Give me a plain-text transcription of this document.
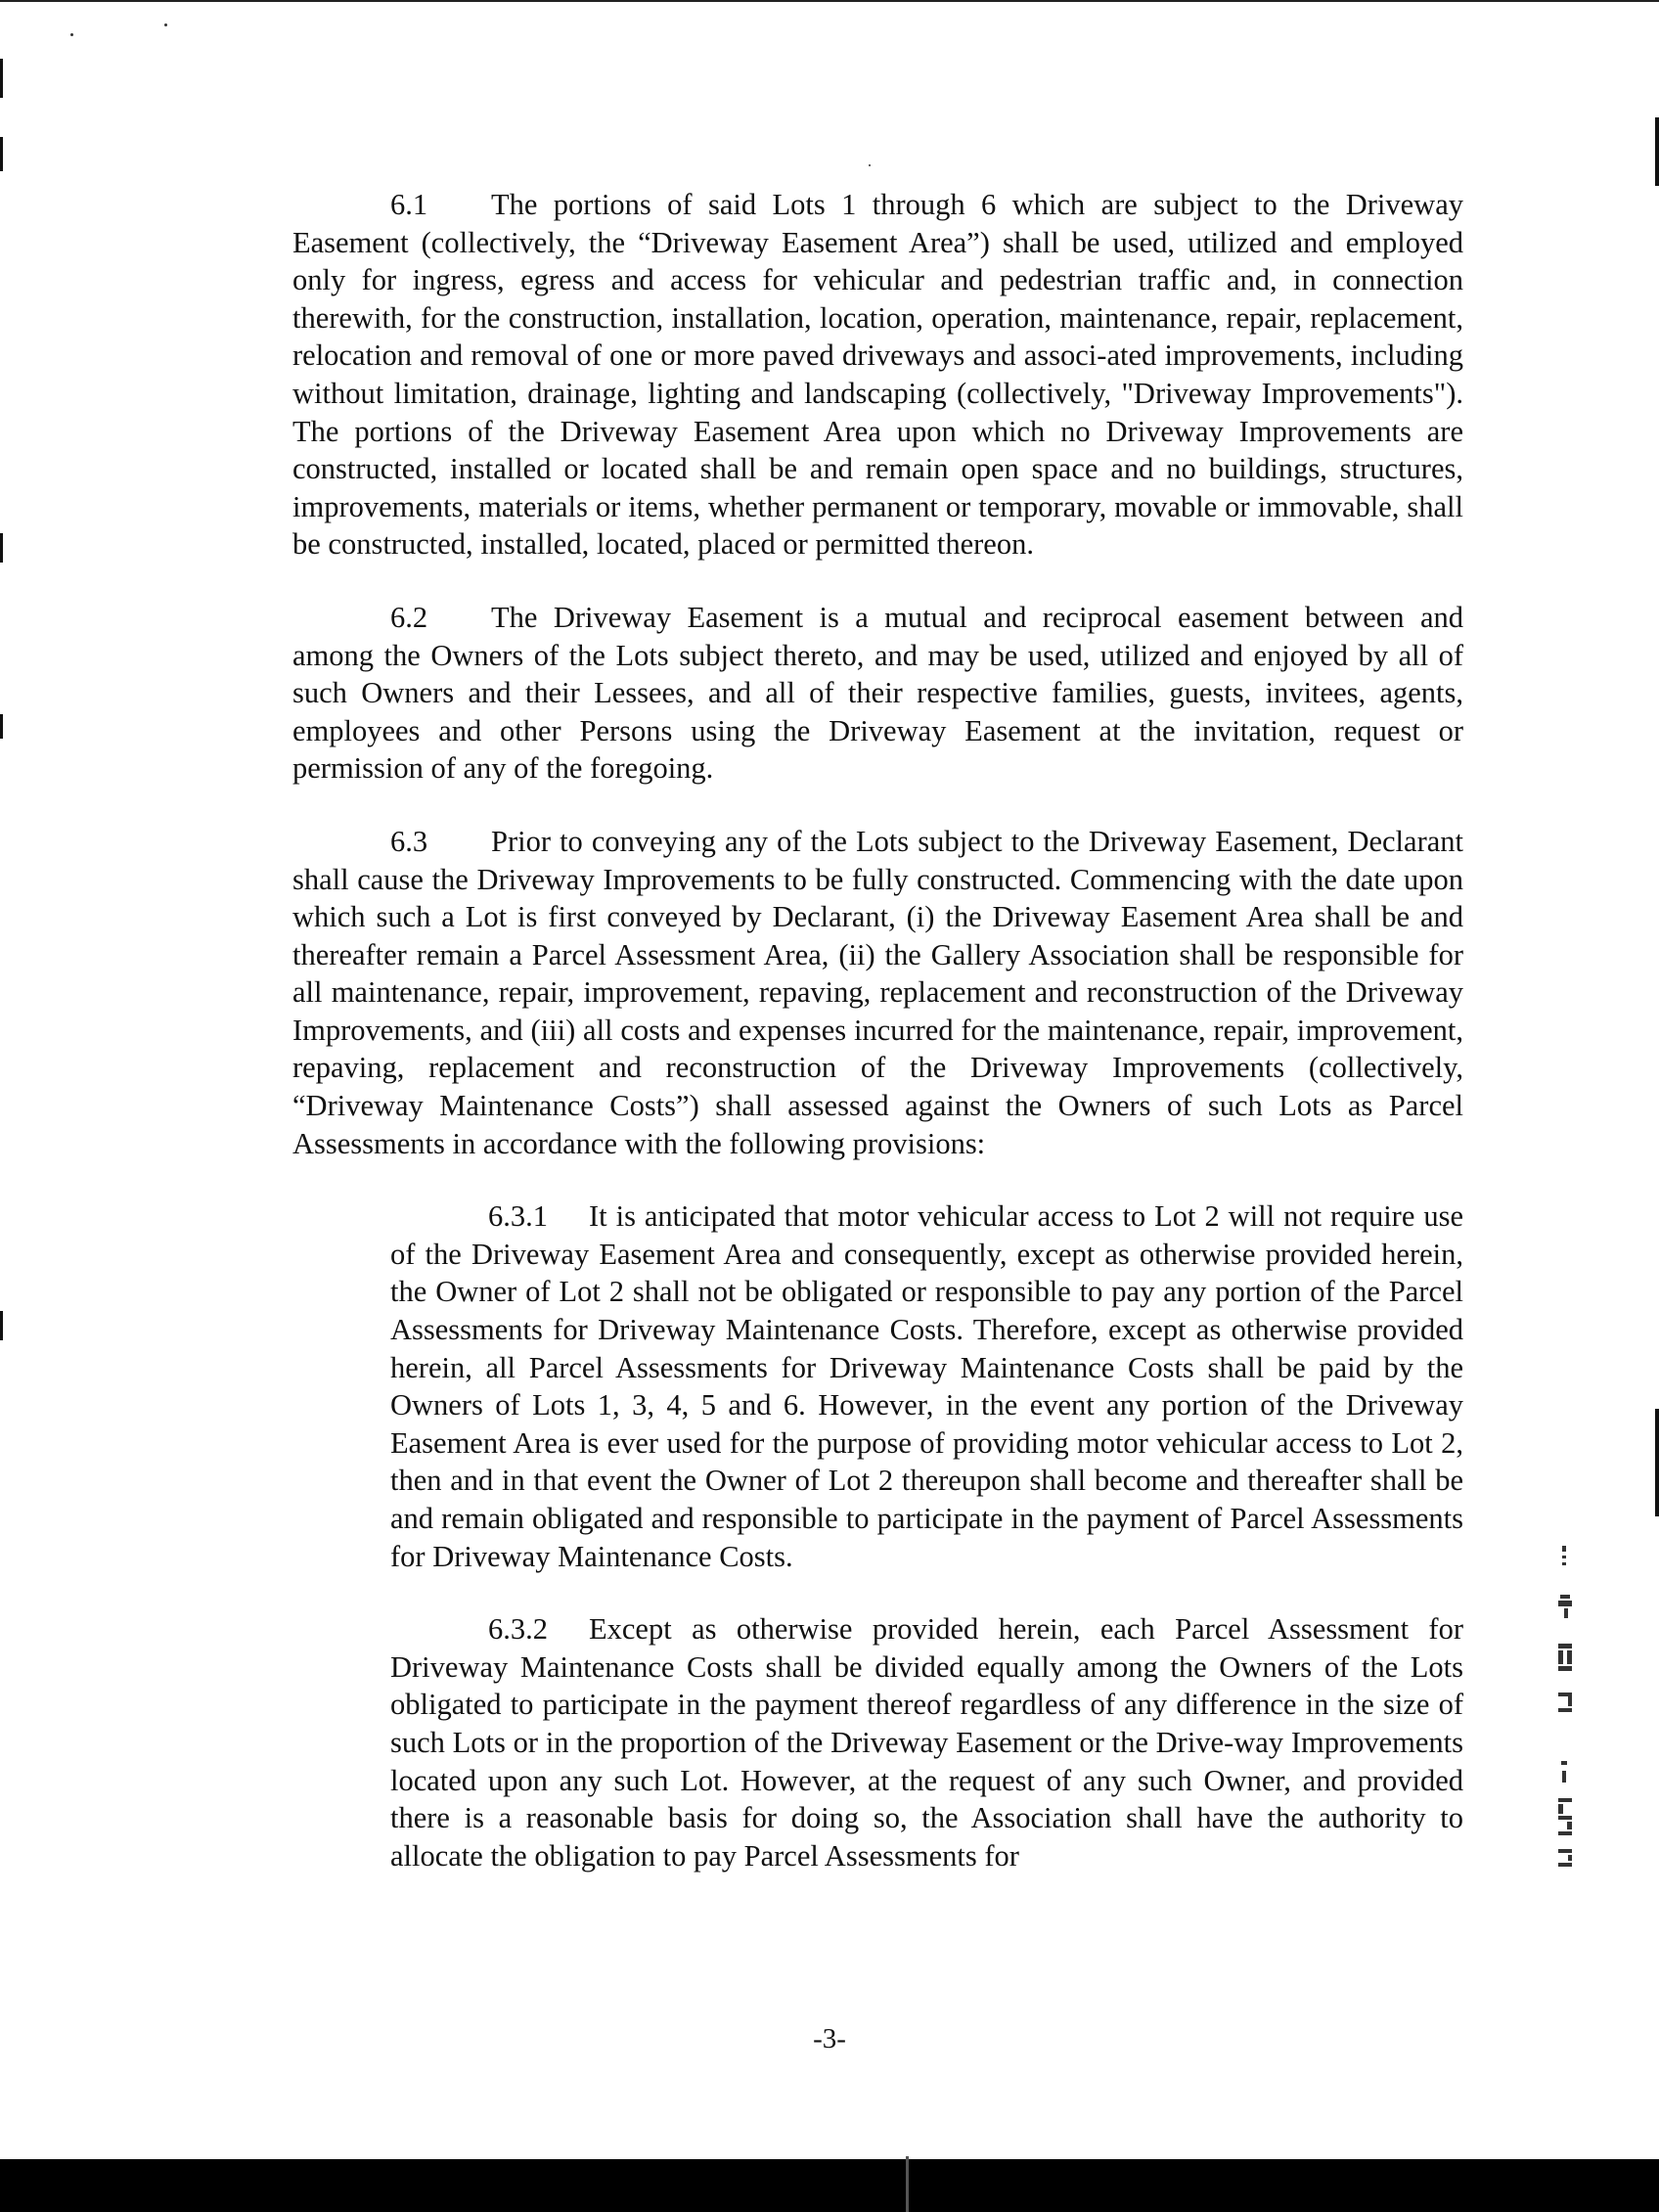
6.1 The portions of said Lots 1 through 6 which are subject to the Driveway Easement (collectively, the “Driveway Easement Area”) shall be used, utilized and employed only for ingress, egress and access for vehicular and pedestrian traffic and, in connection therewith, for the construction, installation, location, operation, maintenance, repair, replacement, relocation and removal of one or more paved driveways and associ-ated improvements, including without limitation, drainage, lighting and landscaping (collectively, "Driveway Improvements"). The portions of the Driveway Easement Area upon which no Driveway Improvements are constructed, installed or located shall be and remain open space and no buildings, structures, improvements, materials or items, whether permanent or temporary, movable or immovable, shall be constructed, installed, located, placed or permitted thereon.

6.2 The Driveway Easement is a mutual and reciprocal easement between and among the Owners of the Lots subject thereto, and may be used, utilized and enjoyed by all of such Owners and their Lessees, and all of their respective families, guests, invitees, agents, employees and other Persons using the Driveway Easement at the invitation, request or permission of any of the foregoing.

6.3 Prior to conveying any of the Lots subject to the Driveway Easement, Declarant shall cause the Driveway Improvements to be fully constructed. Commencing with the date upon which such a Lot is first conveyed by Declarant, (i) the Driveway Easement Area shall be and thereafter remain a Parcel Assessment Area, (ii) the Gallery Association shall be responsible for all maintenance, repair, improvement, repaving, replacement and reconstruction of the Driveway Improvements, and (iii) all costs and expenses incurred for the maintenance, repair, improvement, repaving, replacement and reconstruction of the Driveway Improvements (collectively, “Driveway Maintenance Costs”) shall assessed against the Owners of such Lots as Parcel Assessments in accordance with the following provisions:

6.3.1 It is anticipated that motor vehicular access to Lot 2 will not require use of the Driveway Easement Area and consequently, except as otherwise provided herein, the Owner of Lot 2 shall not be obligated or responsible to pay any portion of the Parcel Assessments for Driveway Maintenance Costs. Therefore, except as otherwise provided herein, all Parcel Assessments for Driveway Maintenance Costs shall be paid by the Owners of Lots 1, 3, 4, 5 and 6. However, in the event any portion of the Driveway Easement Area is ever used for the purpose of providing motor vehicular access to Lot 2, then and in that event the Owner of Lot 2 thereupon shall become and thereafter shall be and remain obligated and responsible to participate in the payment of Parcel Assessments for Driveway Maintenance Costs.

6.3.2 Except as otherwise provided herein, each Parcel Assessment for Driveway Maintenance Costs shall be divided equally among the Owners of the Lots obligated to participate in the payment thereof regardless of any difference in the size of such Lots or in the proportion of the Driveway Easement or the Drive-way Improvements located upon any such Lot. However, at the request of any such Owner, and provided there is a reasonable basis for doing so, the Association shall have the authority to allocate the obligation to pay Parcel Assessments for

-3-
